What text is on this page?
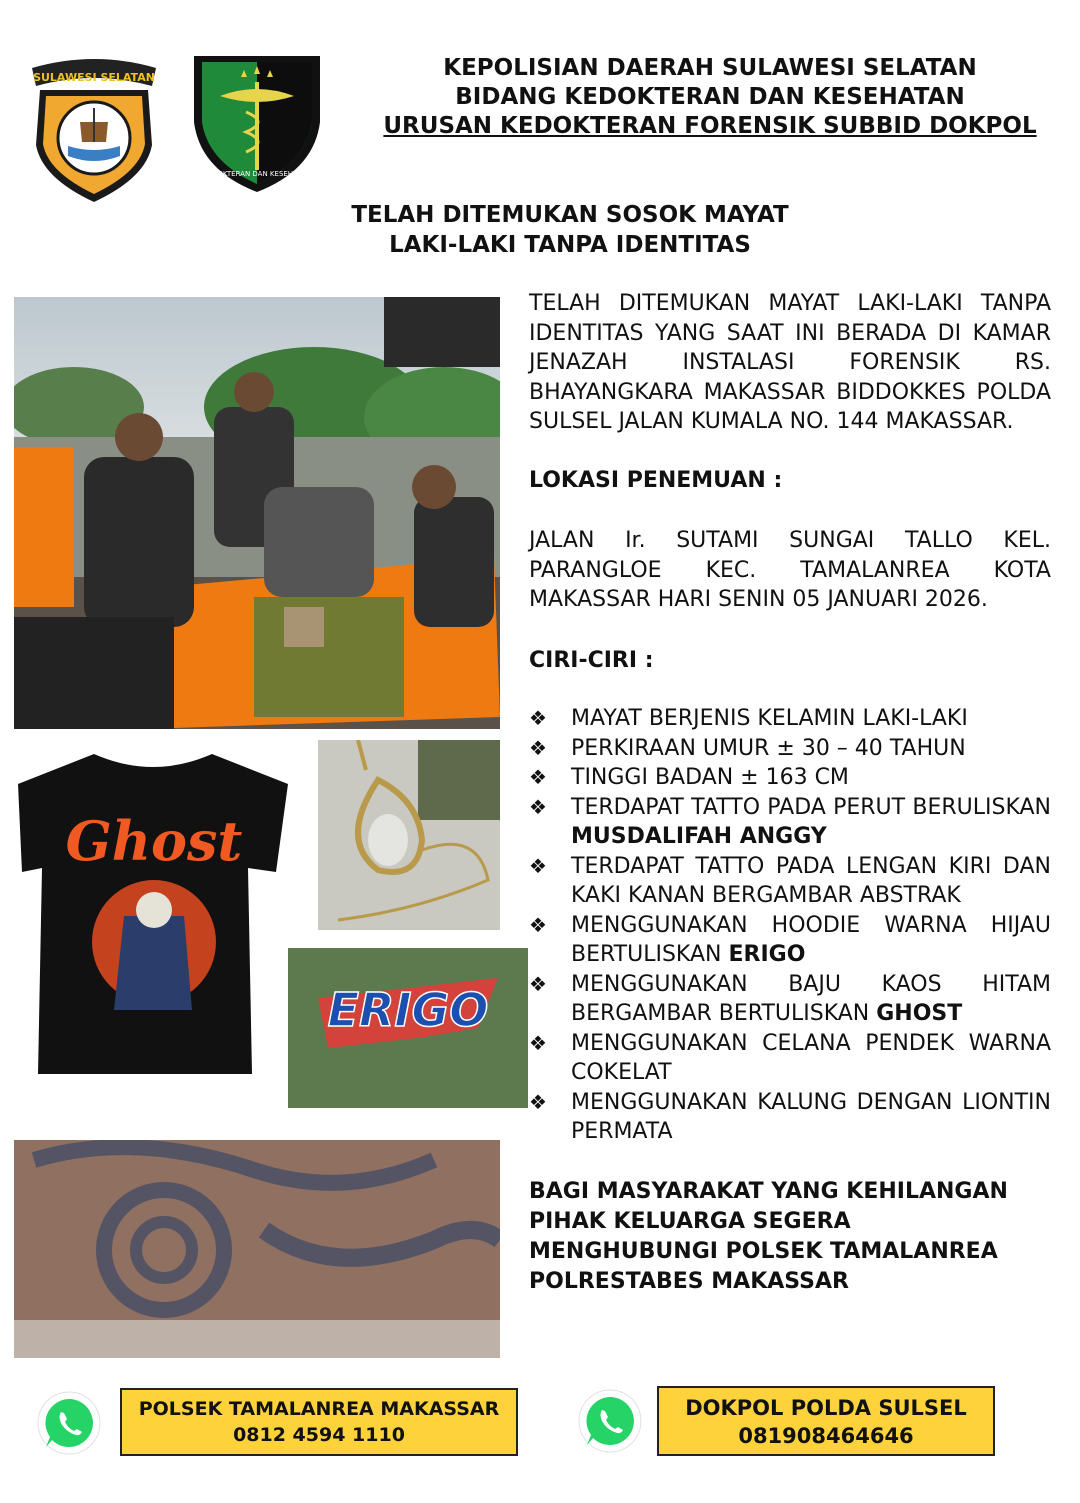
SULAWESI SELATAN
KEDOKTERAN DAN KESEHATAN
KEPOLISIAN DAERAH SULAWESI SELATAN
BIDANG KEDOKTERAN DAN KESEHATAN
URUSAN KEDOKTERAN FORENSIK SUBBID DOKPOL
TELAH DITEMUKAN SOSOK MAYAT
LAKI-LAKI TANPA IDENTITAS
Ghost
ERIGO
TELAH DITEMUKAN MAYAT LAKI-LAKI TANPA IDENTITAS YANG SAAT INI BERADA DI KAMAR JENAZAH INSTALASI FORENSIK RS. BHAYANGKARA MAKASSAR BIDDOKKES POLDA SULSEL JALAN KUMALA NO. 144 MAKASSAR.
LOKASI PENEMUAN :
JALAN Ir. SUTAMI SUNGAI TALLO KEL. PARANGLOE KEC. TAMALANREA KOTA MAKASSAR HARI SENIN 05 JANUARI 2026.
CIRI-CIRI :
❖ MAYAT BERJENIS KELAMIN LAKI-LAKI
❖ PERKIRAAN UMUR ± 30 – 40 TAHUN
❖ TINGGI BADAN ± 163 CM
❖ TERDAPAT TATTO PADA PERUT BERULISKAN MUSDALIFAH ANGGY
❖ TERDAPAT TATTO PADA LENGAN KIRI DAN KAKI KANAN BERGAMBAR ABSTRAK
❖ MENGGUNAKAN HOODIE WARNA HIJAU BERTULISKAN ERIGO
❖ MENGGUNAKAN BAJU KAOS HITAM BERGAMBAR BERTULISKAN GHOST
❖ MENGGUNAKAN CELANA PENDEK WARNA COKELAT
❖ MENGGUNAKAN KALUNG DENGAN LIONTIN PERMATA
BAGI MASYARAKAT YANG KEHILANGAN
PIHAK KELUARGA SEGERA
MENGHUBUNGI POLSEK TAMALANREA
POLRESTABES MAKASSAR
POLSEK TAMALANREA MAKASSAR
0812 4594 1110
DOKPOL POLDA SULSEL
081908464646
